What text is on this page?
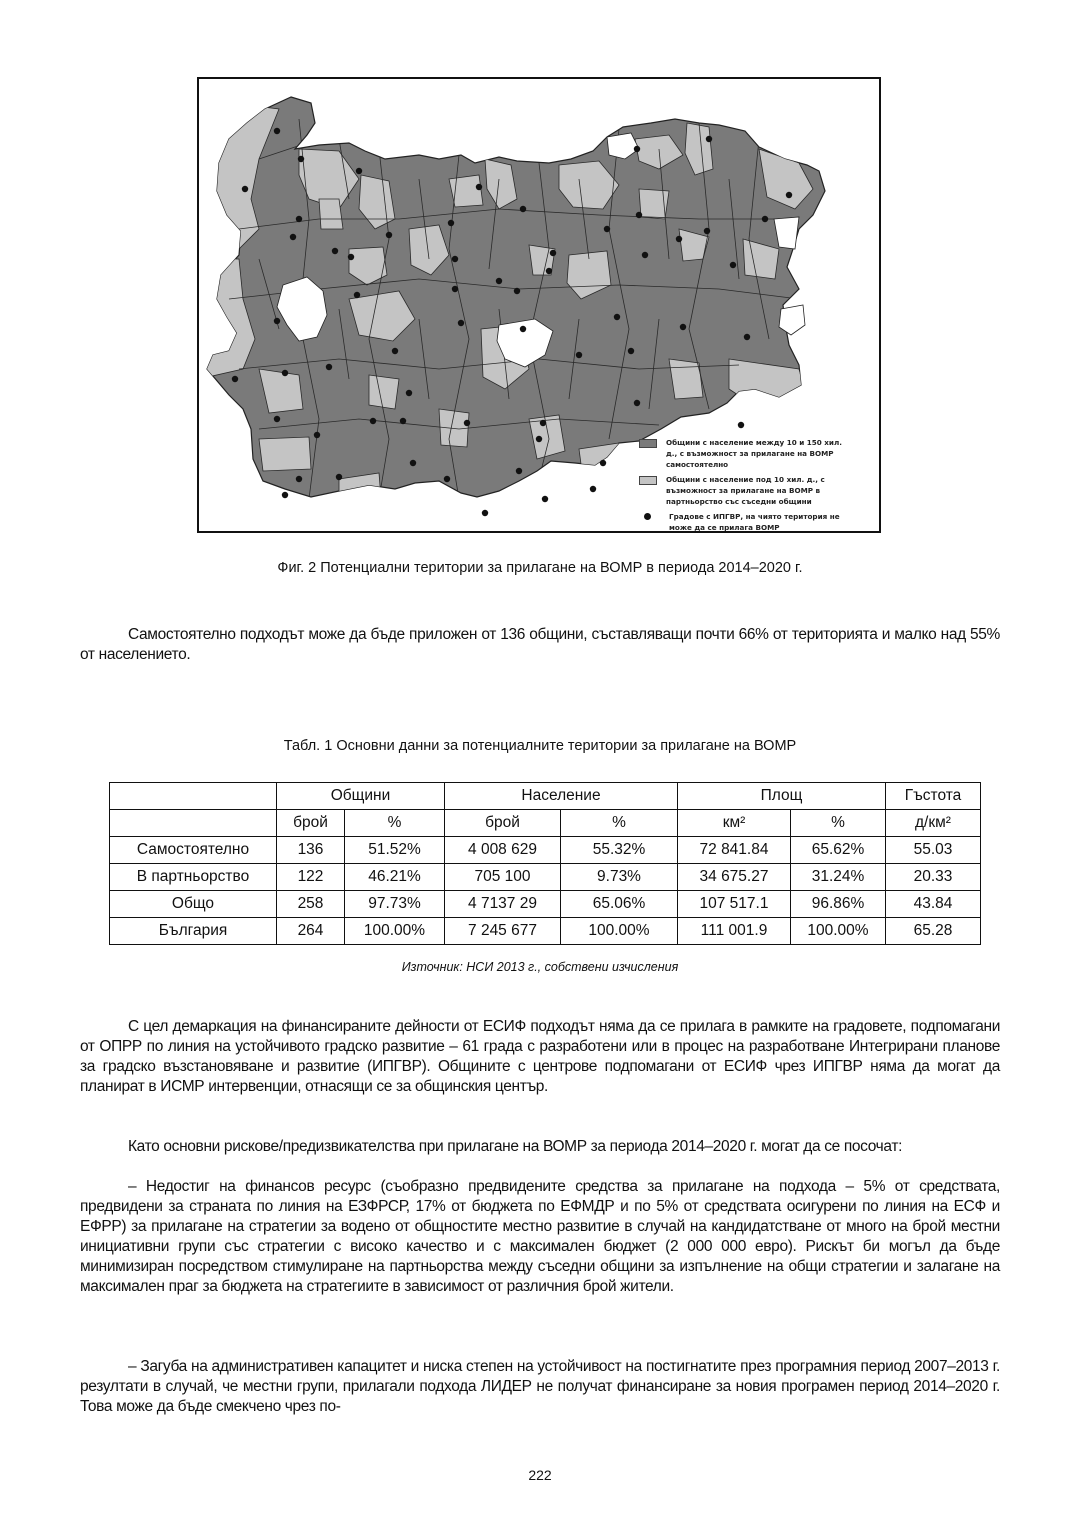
Общини с население между 10 и 150 хил. д., с възможност за прилагане на ВОМР самостоятелно
Общини с население под 10 хил. д., с възможност за прилагане на ВОМР в партньорство със съседни общини
Градове с ИПГВР, на чиято територия не може да се прилага ВОМР
Фиг. 2 Потенциални територии за прилагане на ВОМР в периода 2014–2020 г.
Самостоятелно подходът може да бъде приложен от 136 общини, съставляващи почти 66% от територията и малко над 55% от населението.
Табл. 1 Основни данни за потенциалните територии за прилагане на ВОМР
	Общини		Население		Площ		Гъстота
	брой	%	брой	%	км²	%	д/км²
Самостоятелно	136	51.52%	4 008 629	55.32%	72 841.84	65.62%	55.03
В партньорство	122	46.21%	705 100	9.73%	34 675.27	31.24%	20.33
Общо	258	97.73%	4 7137 29	65.06%	107 517.1	96.86%	43.84
България	264	100.00%	7 245 677	100.00%	111 001.9	100.00%	65.28
Източник: НСИ 2013 г., собствени изчисления
С цел демаркация на финансираните дейности от ЕСИФ подходът няма да се прилага в рамките на градовете, подпомагани от ОПРР по линия на устойчивото градско развитие – 61 града с разработени или в процес на разработване Интегрирани планове за градско възстановяване и развитие (ИПГВР). Общините с центрове подпомагани от ЕСИФ чрез ИПГВР няма да могат да планират в ИСМР интервенции, отнасящи се за общинския център.
Като основни рискове/предизвикателства при прилагане на ВОМР за периода 2014–2020 г. могат да се посочат:
– Недостиг на финансов ресурс (съобразно предвидените средства за прилагане на подхода – 5% от средствата, предвидени за страната по линия на ЕЗФРСР, 17% от бюджета по ЕФМДР и по 5% от средствата осигурени по линия на ЕСФ и ЕФРР) за прилагане на стратегии за водено от общностите местно развитие в случай на кандидатстване от много на брой местни инициативни групи със стратегии с високо качество и с максимален бюджет (2 000 000 евро). Рискът би могъл да бъде минимизиран посредством стимулиране на партньорства между съседни общини за изпълнение на общи стратегии и залагане на максимален праг за бюджета на стратегиите в зависимост от различния брой жители.
– Загуба на административен капацитет и ниска степен на устойчивост на постигнатите през програмния период 2007–2013 г. резултати в случай, че местни групи, прилагали подхода ЛИДЕР не получат финансиране за новия програмен период 2014–2020 г. Това може да бъде смекчено чрез по-
222
